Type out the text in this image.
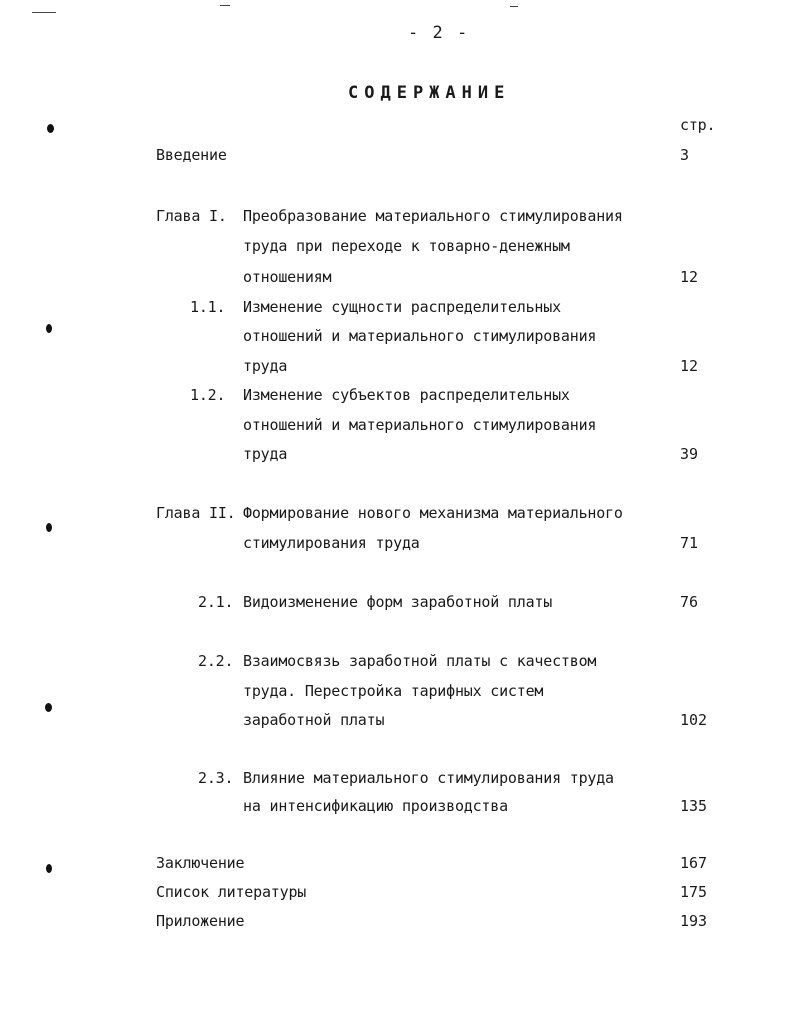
- 2 -
СОДЕРЖАНИЕ
стр.
Введение	3
Глава I. Преобразование материального стимулирования
труда при переходе к товарно-денежным
отношениям	12
1.1. Изменение сущности распределительных
отношений и материального стимулирования
труда	12
1.2. Изменение субъектов распределительных
отношений и материального стимулирования
труда	39
Глава II. Формирование нового механизма материального
стимулирования труда	71
2.1. Видоизменение форм заработной платы	76
2.2. Взаимосвязь заработной платы с качеством
труда. Перестройка тарифных систем
заработной платы	102
2.3. Влияние материального стимулирования труда
на интенсификацию производства	135
Заключение	167
Список литературы	175
Приложение	193
